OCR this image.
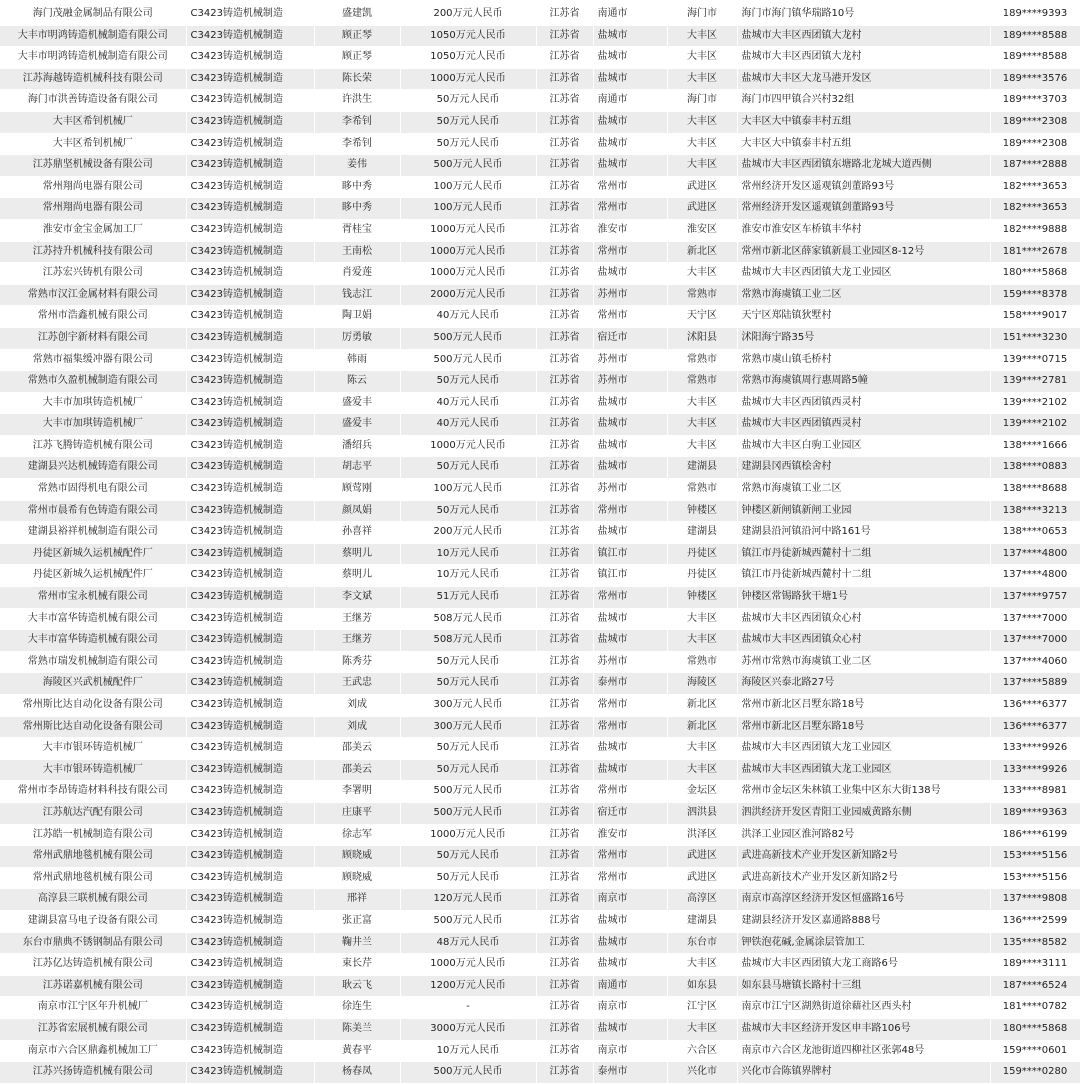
海门茂融金属制品有限公司	C3423铸造机械制造	盛建凯	200万元人民币	江苏省	南通市	海门市	海门市海门镇华瑞路10号	189****9393
大丰市明鸿铸造机械制造有限公司	C3423铸造机械制造	顾正琴	1050万元人民币	江苏省	盐城市	大丰区	盐城市大丰区西团镇大龙村	189****8588
大丰市明鸿铸造机械制造有限公司	C3423铸造机械制造	顾正琴	1050万元人民币	江苏省	盐城市	大丰区	盐城市大丰区西团镇大龙村	189****8588
江苏海越铸造机械科技有限公司	C3423铸造机械制造	陈长荣	1000万元人民币	江苏省	盐城市	大丰区	盐城市大丰区大龙马港开发区	189****3576
海门市洪善铸造设备有限公司	C3423铸造机械制造	许洪生	50万元人民币	江苏省	南通市	海门市	海门市四甲镇合兴村32组	189****3703
大丰区希钊机械厂	C3423铸造机械制造	李希钊	50万元人民币	江苏省	盐城市	大丰区	大丰区大中镇泰丰村五组	189****2308
大丰区希钊机械厂	C3423铸造机械制造	李希钊	50万元人民币	江苏省	盐城市	大丰区	大丰区大中镇泰丰村五组	189****2308
江苏鼎坚机械设备有限公司	C3423铸造机械制造	姜伟	500万元人民币	江苏省	盐城市	大丰区	盐城市大丰区西团镇东塘路北龙城大道西侧	187****2888
常州翔尚电器有限公司	C3423铸造机械制造	眵中秀	100万元人民币	江苏省	常州市	武进区	常州经济开发区遥观镇剑董路93号	182****3653
常州翔尚电器有限公司	C3423铸造机械制造	眵中秀	100万元人民币	江苏省	常州市	武进区	常州经济开发区遥观镇剑董路93号	182****3653
淮安市金宝金属加工厂	C3423铸造机械制造	胥桂宝	1000万元人民币	江苏省	淮安市	淮安区	淮安市淮安区车桥镇丰华村	182****9888
江苏持升机械科技有限公司	C3423铸造机械制造	王南松	1000万元人民币	江苏省	常州市	新北区	常州市新北区薛家镇新晨工业园区8-12号	181****2678
江苏宏兴铸机有限公司	C3423铸造机械制造	肖爱莲	1000万元人民币	江苏省	盐城市	大丰区	盐城市大丰区西团镇大龙工业园区	180****5868
常熟市汉江金属材料有限公司	C3423铸造机械制造	钱志江	2000万元人民币	江苏省	苏州市	常熟市	常熟市海虞镇工业二区	159****8378
常州市浩鑫机械有限公司	C3423铸造机械制造	陶卫娟	40万元人民币	江苏省	常州市	天宁区	天宁区郑陆镇狄墅村	158****9017
江苏创宇新材料有限公司	C3423铸造机械制造	厉勇敏	500万元人民币	江苏省	宿迁市	沭阳县	沭阳海宁路35号	151****3230
常熟市福集缓冲器有限公司	C3423铸造机械制造	韩雨	500万元人民币	江苏省	苏州市	常熟市	常熟市虞山镇毛桥村	139****0715
常熟市久盈机械制造有限公司	C3423铸造机械制造	陈云	50万元人民币	江苏省	苏州市	常熟市	常熟市海虞镇周行惠周路5幢	139****2781
大丰市加琪铸造机械厂	C3423铸造机械制造	盛爱丰	40万元人民币	江苏省	盐城市	大丰区	盐城市大丰区西团镇西灵村	139****2102
大丰市加琪铸造机械厂	C3423铸造机械制造	盛爱丰	40万元人民币	江苏省	盐城市	大丰区	盐城市大丰区西团镇西灵村	139****2102
江苏飞腾铸造机械有限公司	C3423铸造机械制造	潘绍兵	1000万元人民币	江苏省	盐城市	大丰区	盐城市大丰区白驹工业园区	138****1666
建湖县兴达机械铸造有限公司	C3423铸造机械制造	胡志平	50万元人民币	江苏省	盐城市	建湖县	建湖县冈西镇桧舍村	138****0883
常熟市固得机电有限公司	C3423铸造机械制造	顾莺刚	100万元人民币	江苏省	苏州市	常熟市	常熟市海虞镇工业二区	138****8688
常州市晨希有色铸造有限公司	C3423铸造机械制造	颜凤娟	50万元人民币	江苏省	常州市	钟楼区	钟楼区新闸镇新闸工业园	138****3213
建湖县裕祥机械制造有限公司	C3423铸造机械制造	孙喜祥	200万元人民币	江苏省	盐城市	建湖县	建湖县沿河镇沿河中路161号	138****0653
丹徒区新城久运机械配件厂	C3423铸造机械制造	蔡明儿	10万元人民币	江苏省	镇江市	丹徒区	镇江市丹徒新城西麓村十二组	137****4800
丹徒区新城久运机械配件厂	C3423铸造机械制造	蔡明儿	10万元人民币	江苏省	镇江市	丹徒区	镇江市丹徒新城西麓村十二组	137****4800
常州市宝永机械有限公司	C3423铸造机械制造	李文斌	51万元人民币	江苏省	常州市	钟楼区	钟楼区常锡路狄干塘1号	137****9757
大丰市富华铸造机械有限公司	C3423铸造机械制造	王继芳	508万元人民币	江苏省	盐城市	大丰区	盐城市大丰区西团镇众心村	137****7000
大丰市富华铸造机械有限公司	C3423铸造机械制造	王继芳	508万元人民币	江苏省	盐城市	大丰区	盐城市大丰区西团镇众心村	137****7000
常熟市瑞发机械制造有限公司	C3423铸造机械制造	陈秀芬	50万元人民币	江苏省	苏州市	常熟市	苏州市常熟市海虞镇工业二区	137****4060
海陵区兴武机械配件厂	C3423铸造机械制造	王武忠	50万元人民币	江苏省	泰州市	海陵区	海陵区兴泰北路27号	137****5889
常州斯比达自动化设备有限公司	C3423铸造机械制造	刘成	300万元人民币	江苏省	常州市	新北区	常州市新北区吕墅东路18号	136****6377
常州斯比达自动化设备有限公司	C3423铸造机械制造	刘成	300万元人民币	江苏省	常州市	新北区	常州市新北区吕墅东路18号	136****6377
大丰市银环铸造机械厂	C3423铸造机械制造	邵美云	50万元人民币	江苏省	盐城市	大丰区	盐城市大丰区西团镇大龙工业园区	133****9926
大丰市银环铸造机械厂	C3423铸造机械制造	邵美云	50万元人民币	江苏省	盐城市	大丰区	盐城市大丰区西团镇大龙工业园区	133****9926
常州市李昂铸造材料科技有限公司	C3423铸造机械制造	李署明	500万元人民币	江苏省	常州市	金坛区	常州市金坛区朱林镇工业集中区东大街138号	133****8981
江苏航达汽配有限公司	C3423铸造机械制造	庄康平	500万元人民币	江苏省	宿迁市	泗洪县	泗洪经济开发区青阳工业园威黄路东侧	189****9363
江苏皓一机械制造有限公司	C3423铸造机械制造	徐志军	1000万元人民币	江苏省	淮安市	洪泽区	洪泽工业园区淮河路82号	186****6199
常州武鼎地毯机械有限公司	C3423铸造机械制造	顾晓威	50万元人民币	江苏省	常州市	武进区	武进高新技术产业开发区新知路2号	153****5156
常州武鼎地毯机械有限公司	C3423铸造机械制造	顾晓威	50万元人民币	江苏省	常州市	武进区	武进高新技术产业开发区新知路2号	153****5156
高淳县三联机械有限公司	C3423铸造机械制造	邢祥	120万元人民币	江苏省	南京市	高淳区	南京市高淳区经济开发区恒盛路16号	137****9808
建湖县富马电子设备有限公司	C3423铸造机械制造	张正富	500万元人民币	江苏省	盐城市	建湖县	建湖县经济开发区嘉通路888号	136****2599
东台市鼎典不锈钢制品有限公司	C3423铸造机械制造	鞠井兰	48万元人民币	江苏省	盐城市	东台市	钾铁泡花碱,金属涂层管加工	135****8582
江苏亿达铸造机械有限公司	C3423铸造机械制造	束长芹	1000万元人民币	江苏省	盐城市	大丰区	盐城市大丰区西团镇大龙工商路6号	189****3111
江苏诺嘉机械有限公司	C3423铸造机械制造	耿云飞	1200万元人民币	江苏省	南通市	如东县	如东县马塘镇长路村十三组	187****6524
南京市江宁区年升机械厂	C3423铸造机械制造	徐连生	-	江苏省	南京市	江宁区	南京市江宁区湖熟街道徐藉社区西头村	181****0782
江苏省宏展机械有限公司	C3423铸造机械制造	陈美兰	3000万元人民币	江苏省	盐城市	大丰区	盐城市大丰区经济开发区申丰路106号	180****5868
南京市六合区鼎鑫机械加工厂	C3423铸造机械制造	黄春平	10万元人民币	江苏省	南京市	六合区	南京市六合区龙池街道四柳社区张郭48号	159****0601
江苏兴扬铸造机械有限公司	C3423铸造机械制造	杨春凤	500万元人民币	江苏省	泰州市	兴化市	兴化市合陈镇界牌村	159****0280
